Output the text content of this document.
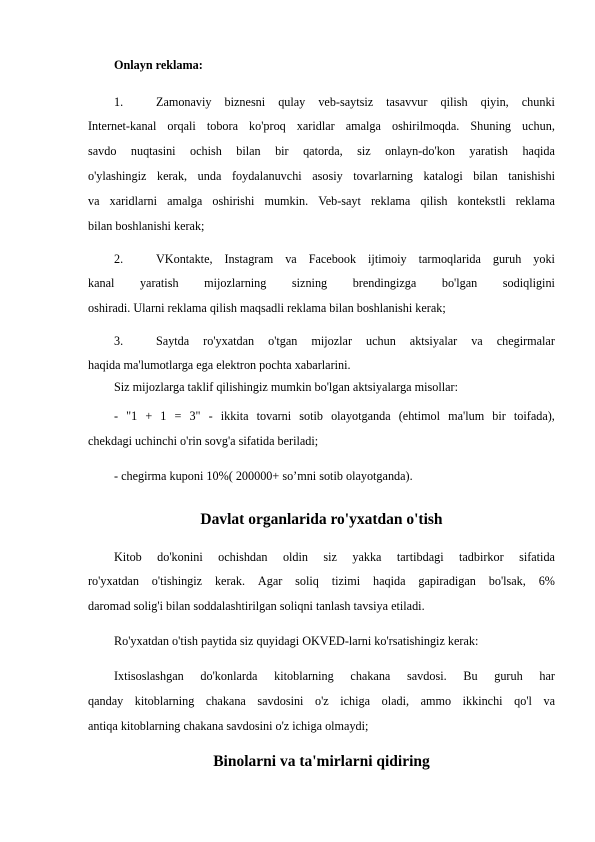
Onlayn reklama:
1.	Zamonaviy biznesni qulay veb-saytsiz tasavvur qilish qiyin, chunki
Internet-kanal orqali tobora ko'proq xaridlar amalga oshirilmoqda. Shuning uchun,
savdo nuqtasini ochish bilan bir qatorda, siz onlayn-do'kon yaratish haqida
o'ylashingiz kerak, unda foydalanuvchi asosiy tovarlarning katalogi bilan tanishishi
va xaridlarni amalga oshirishi mumkin. Veb-sayt reklama qilish kontekstli reklama
bilan boshlanishi kerak;
2.	VKontakte, Instagram va Facebook ijtimoiy tarmoqlarida guruh yoki
kanal yaratish mijozlarning sizning brendingizga bo'lgan sodiqligini
oshiradi. Ularni reklama qilish maqsadli reklama bilan boshlanishi kerak;
3.	Saytda ro'yxatdan o'tgan mijozlar uchun aktsiyalar va chegirmalar
haqida ma'lumotlarga ega elektron pochta xabarlarini.
Siz mijozlarga taklif qilishingiz mumkin bo'lgan aktsiyalarga misollar:
- "1 + 1 = 3" - ikkita tovarni sotib olayotganda (ehtimol ma'lum bir toifada),
chekdagi uchinchi o'rin sovg'a sifatida beriladi;
- chegirma kuponi 10%( 200000+ so’mni sotib olayotganda).
Davlat organlarida ro'yxatdan o'tish
Kitob do'konini ochishdan oldin siz yakka tartibdagi tadbirkor sifatida
ro'yxatdan o'tishingiz kerak. Agar soliq tizimi haqida gapiradigan bo'lsak, 6%
daromad solig'i bilan soddalashtirilgan soliqni tanlash tavsiya etiladi.
Ro'yxatdan o'tish paytida siz quyidagi OKVED-larni ko'rsatishingiz kerak:
Ixtisoslashgan do'konlarda kitoblarning chakana savdosi. Bu guruh har
qanday kitoblarning chakana savdosini o'z ichiga oladi, ammo ikkinchi qo'l va
antiqa kitoblarning chakana savdosini o'z ichiga olmaydi;
Binolarni va ta'mirlarni qidiring
